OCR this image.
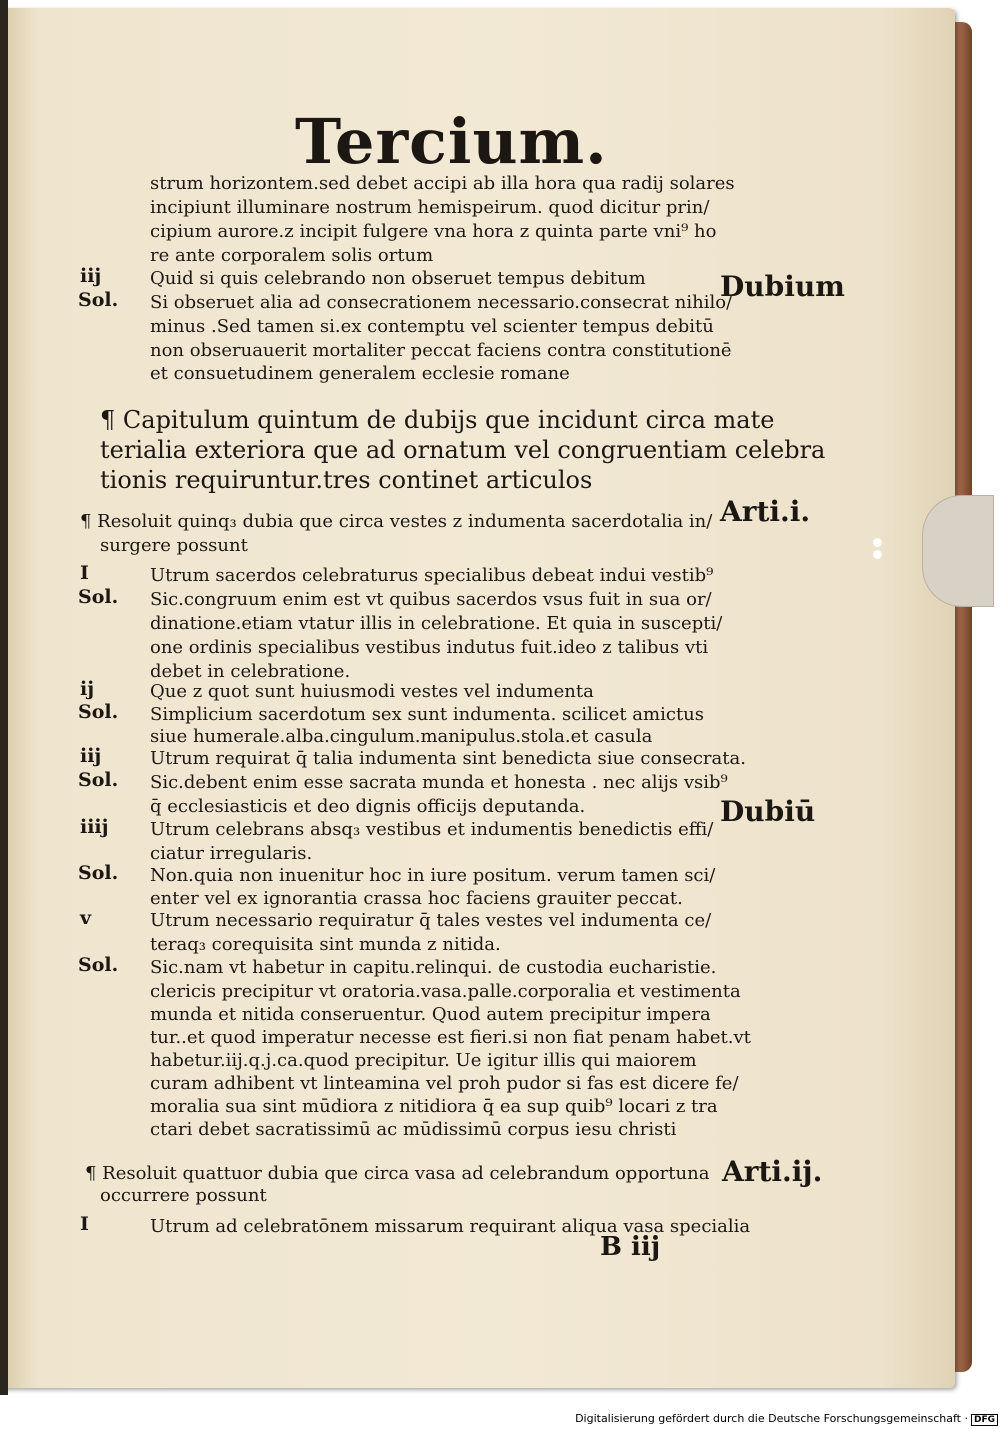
Tercium.
strum horizontem.sed debet accipi ab illa hora qua radij solares
incipiunt illuminare nostrum hemispeirum. quod dicitur prin/
cipium aurore.z incipit fulgere vna hora z quinta parte vni⁹ ho
re ante corporalem solis ortum
Quid si quis celebrando non obseruet tempus debitum
Si obseruet alia ad consecrationem necessario.consecrat nihilo/
minus .Sed tamen si.ex contemptu vel scienter tempus debitū
non obseruauerit mortaliter peccat faciens contra constitutionē
et consuetudinem generalem ecclesie romane
¶ Capitulum quintum de dubijs que incidunt circa mate
terialia exteriora que ad ornatum vel congruentiam celebra
tionis requiruntur.tres continet articulos
¶ Resoluit quinq₃ dubia que circa vestes z indumenta sacerdotalia in/
surgere possunt
Utrum sacerdos celebraturus specialibus debeat indui vestib⁹
Sic.congruum enim est vt quibus sacerdos vsus fuit in sua or/
dinatione.etiam vtatur illis in celebratione. Et quia in suscepti/
one ordinis specialibus vestibus indutus fuit.ideo z talibus vti
debet in celebratione.
Que z quot sunt huiusmodi vestes vel indumenta
Simplicium sacerdotum sex sunt indumenta. scilicet amictus
siue humerale.alba.cingulum.manipulus.stola.et casula
Utrum requirat q̄ talia indumenta sint benedicta siue consecrata.
Sic.debent enim esse sacrata munda et honesta . nec alijs vsib⁹
q̄ ecclesiasticis et deo dignis officijs deputanda.
Utrum celebrans absq₃ vestibus et indumentis benedictis effi/
ciatur irregularis.
Non.quia non inuenitur hoc in iure positum. verum tamen sci/
enter vel ex ignorantia crassa hoc faciens grauiter peccat.
Utrum necessario requiratur q̄ tales vestes vel indumenta ce/
teraq₃ corequisita sint munda z nitida.
Sic.nam vt habetur in capitu.relinqui. de custodia eucharistie.
clericis precipitur vt oratoria.vasa.palle.corporalia et vestimenta
munda et nitida conseruentur. Quod autem precipitur impera
tur..et quod imperatur necesse est fieri.si non fiat penam habet.vt
habetur.iij.q.j.ca.quod precipitur. Ue igitur illis qui maiorem
curam adhibent vt linteamina vel proh pudor si fas est dicere fe/
moralia sua sint mūdiora z nitidiora q̄ ea sup quib⁹ locari z tra
ctari debet sacratissimū ac mūdissimū corpus iesu christi
¶ Resoluit quattuor dubia que circa vasa ad celebrandum opportuna
occurrere possunt
Utrum ad celebratōnem missarum requirant aliqua vasa specialia
iij
Sol.
I
Sol.
ij
Sol.
iij
Sol.
iiij
Sol.
v
Sol.
I
Dubium
Arti.i.
Dubiū
Arti.ij.
B iij
Digitalisierung gefördert durch die Deutsche Forschungsgemeinschaft · DFG
